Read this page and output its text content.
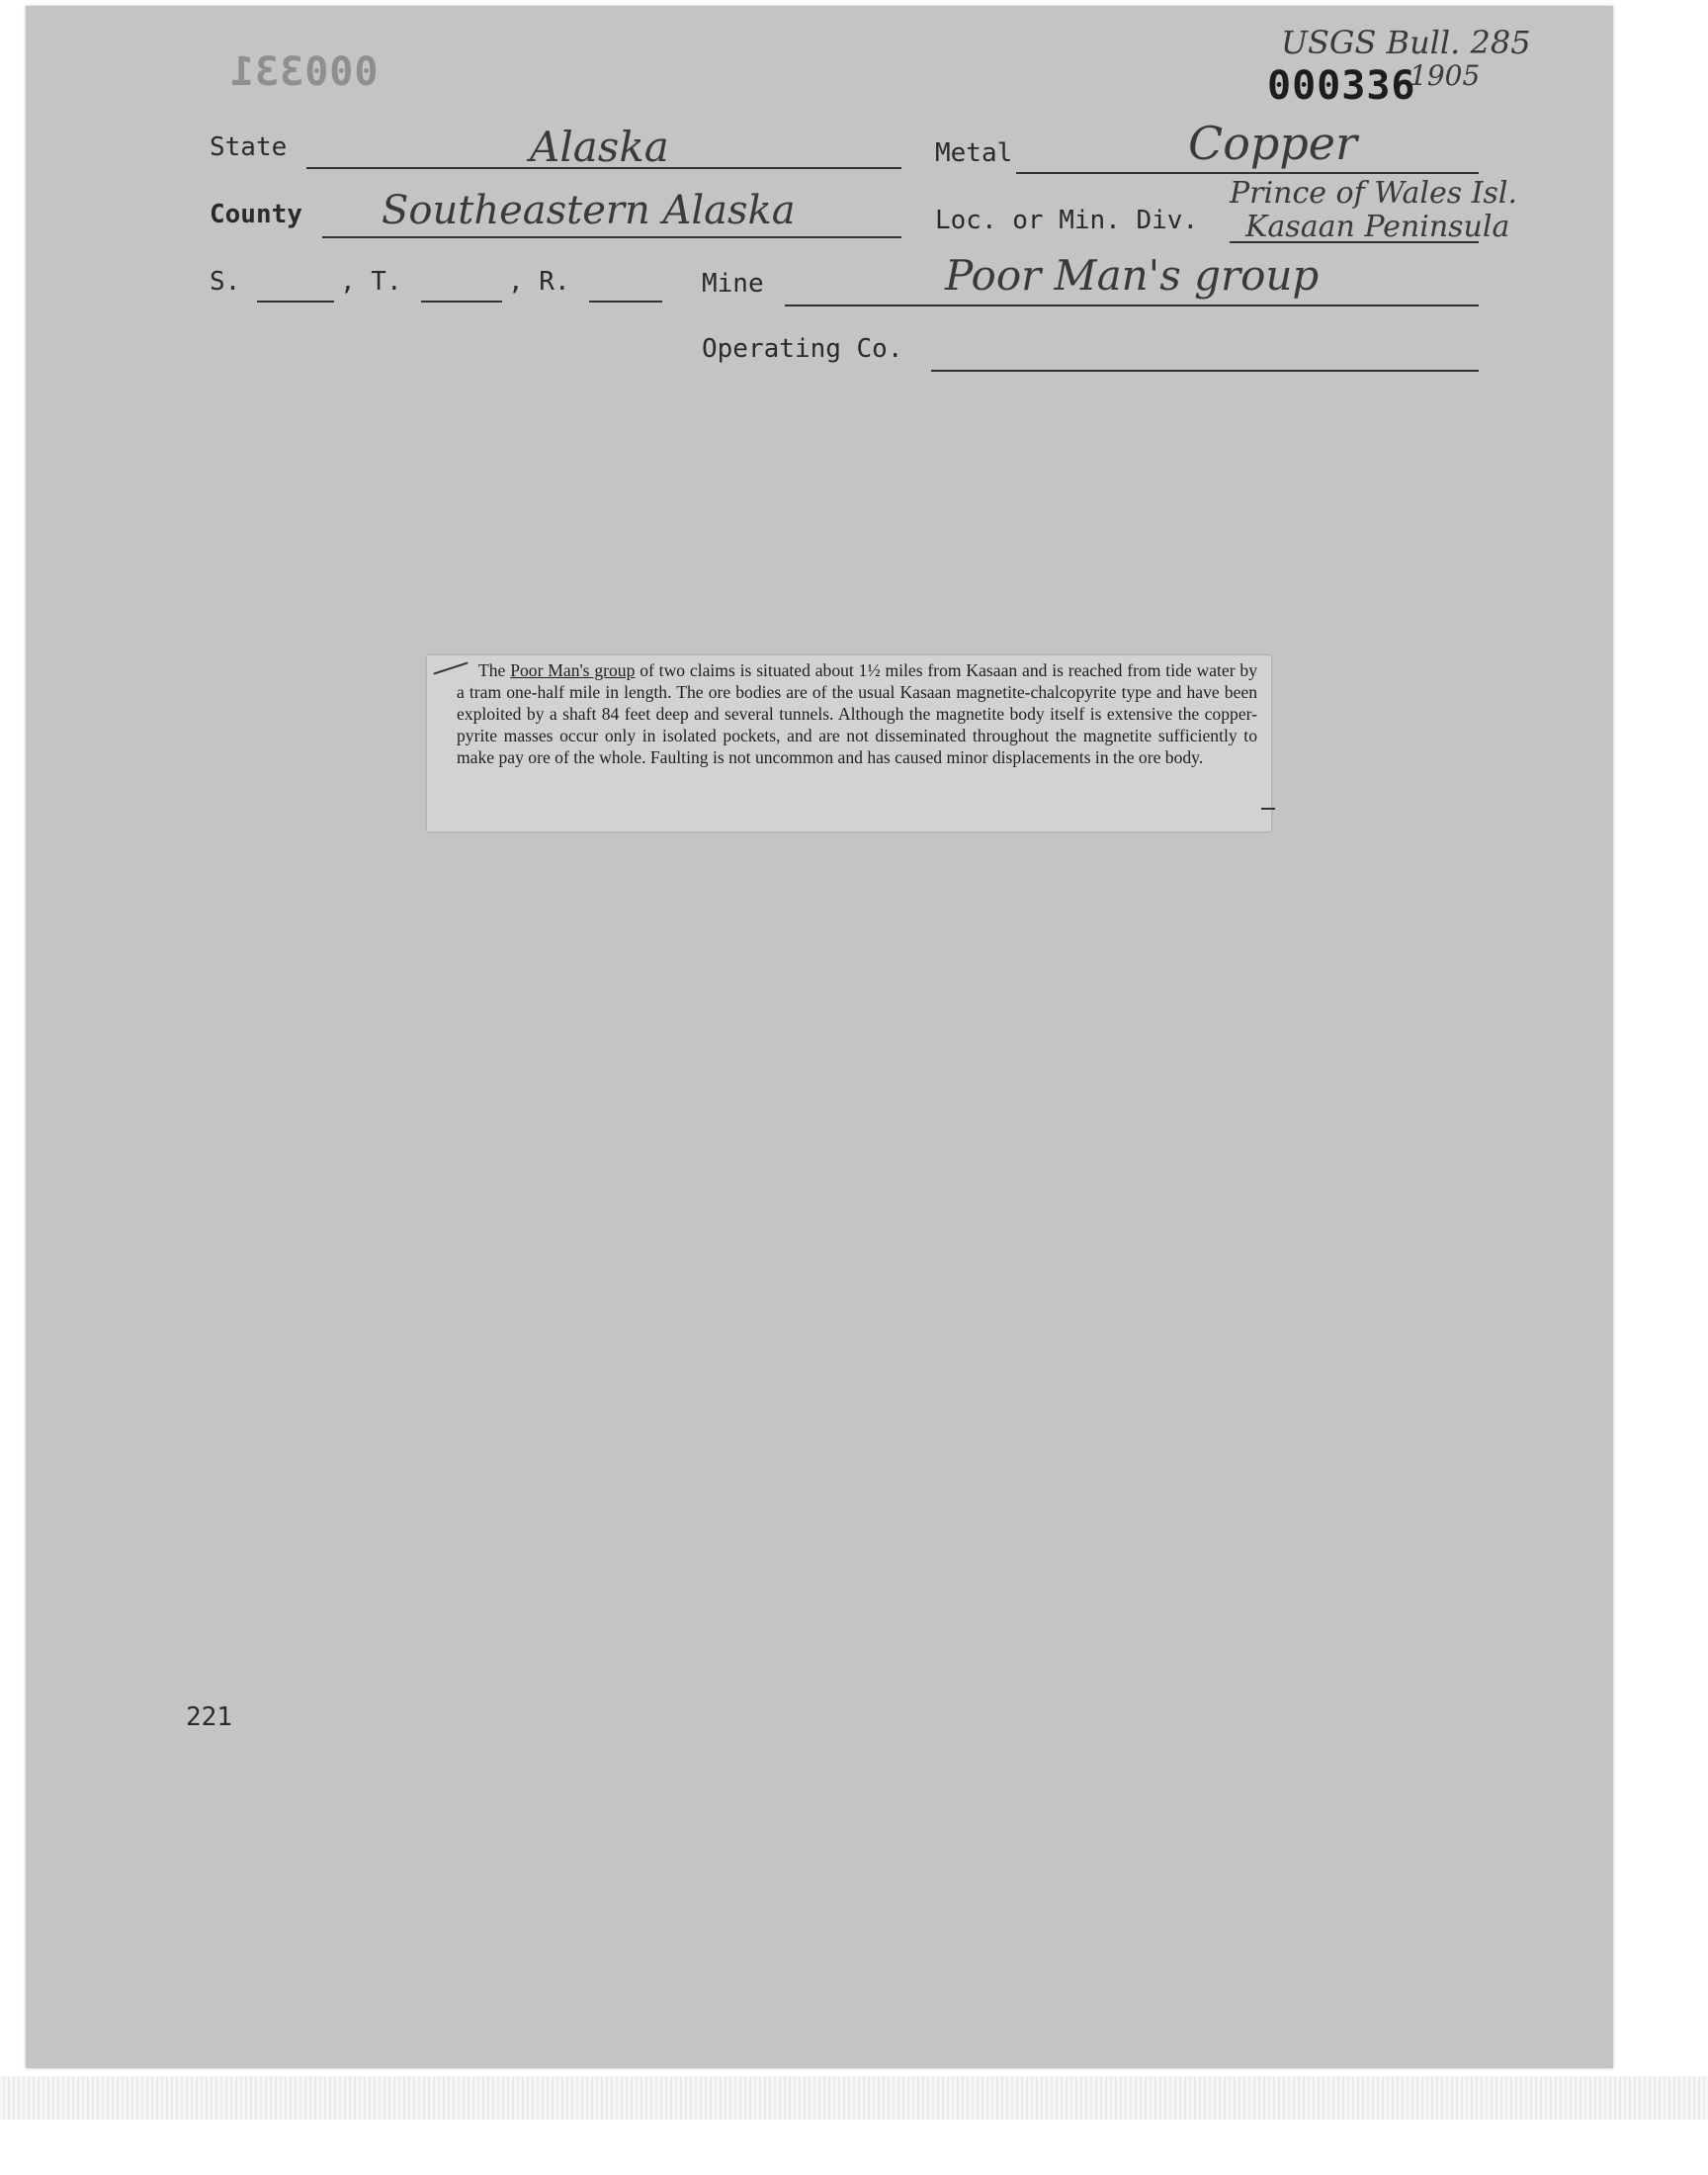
000331
USGS Bull. 285
1905
000336
State	Alaska	Metal	Copper
County Southeastern Alaska	Loc. or Min. Div.
Prince of Wales Isl.
Kasaan Peninsula
S.	, T.	, R.	Mine	Poor Man's group
Operating Co.
The Poor Man's group of two claims is situated about 1½ miles from Kasaan and is reached from tide water by a tram one-half mile in length. The ore bodies are of the usual Kasaan magnetite-chalcopyrite type and have been exploited by a shaft 84 feet deep and several tunnels. Although the magnetite body itself is extensive the copper-pyrite masses occur only in isolated pockets, and are not disseminated throughout the magnetite sufficiently to make pay ore of the whole. Faulting is not uncommon and has caused minor displacements in the ore body.
221
